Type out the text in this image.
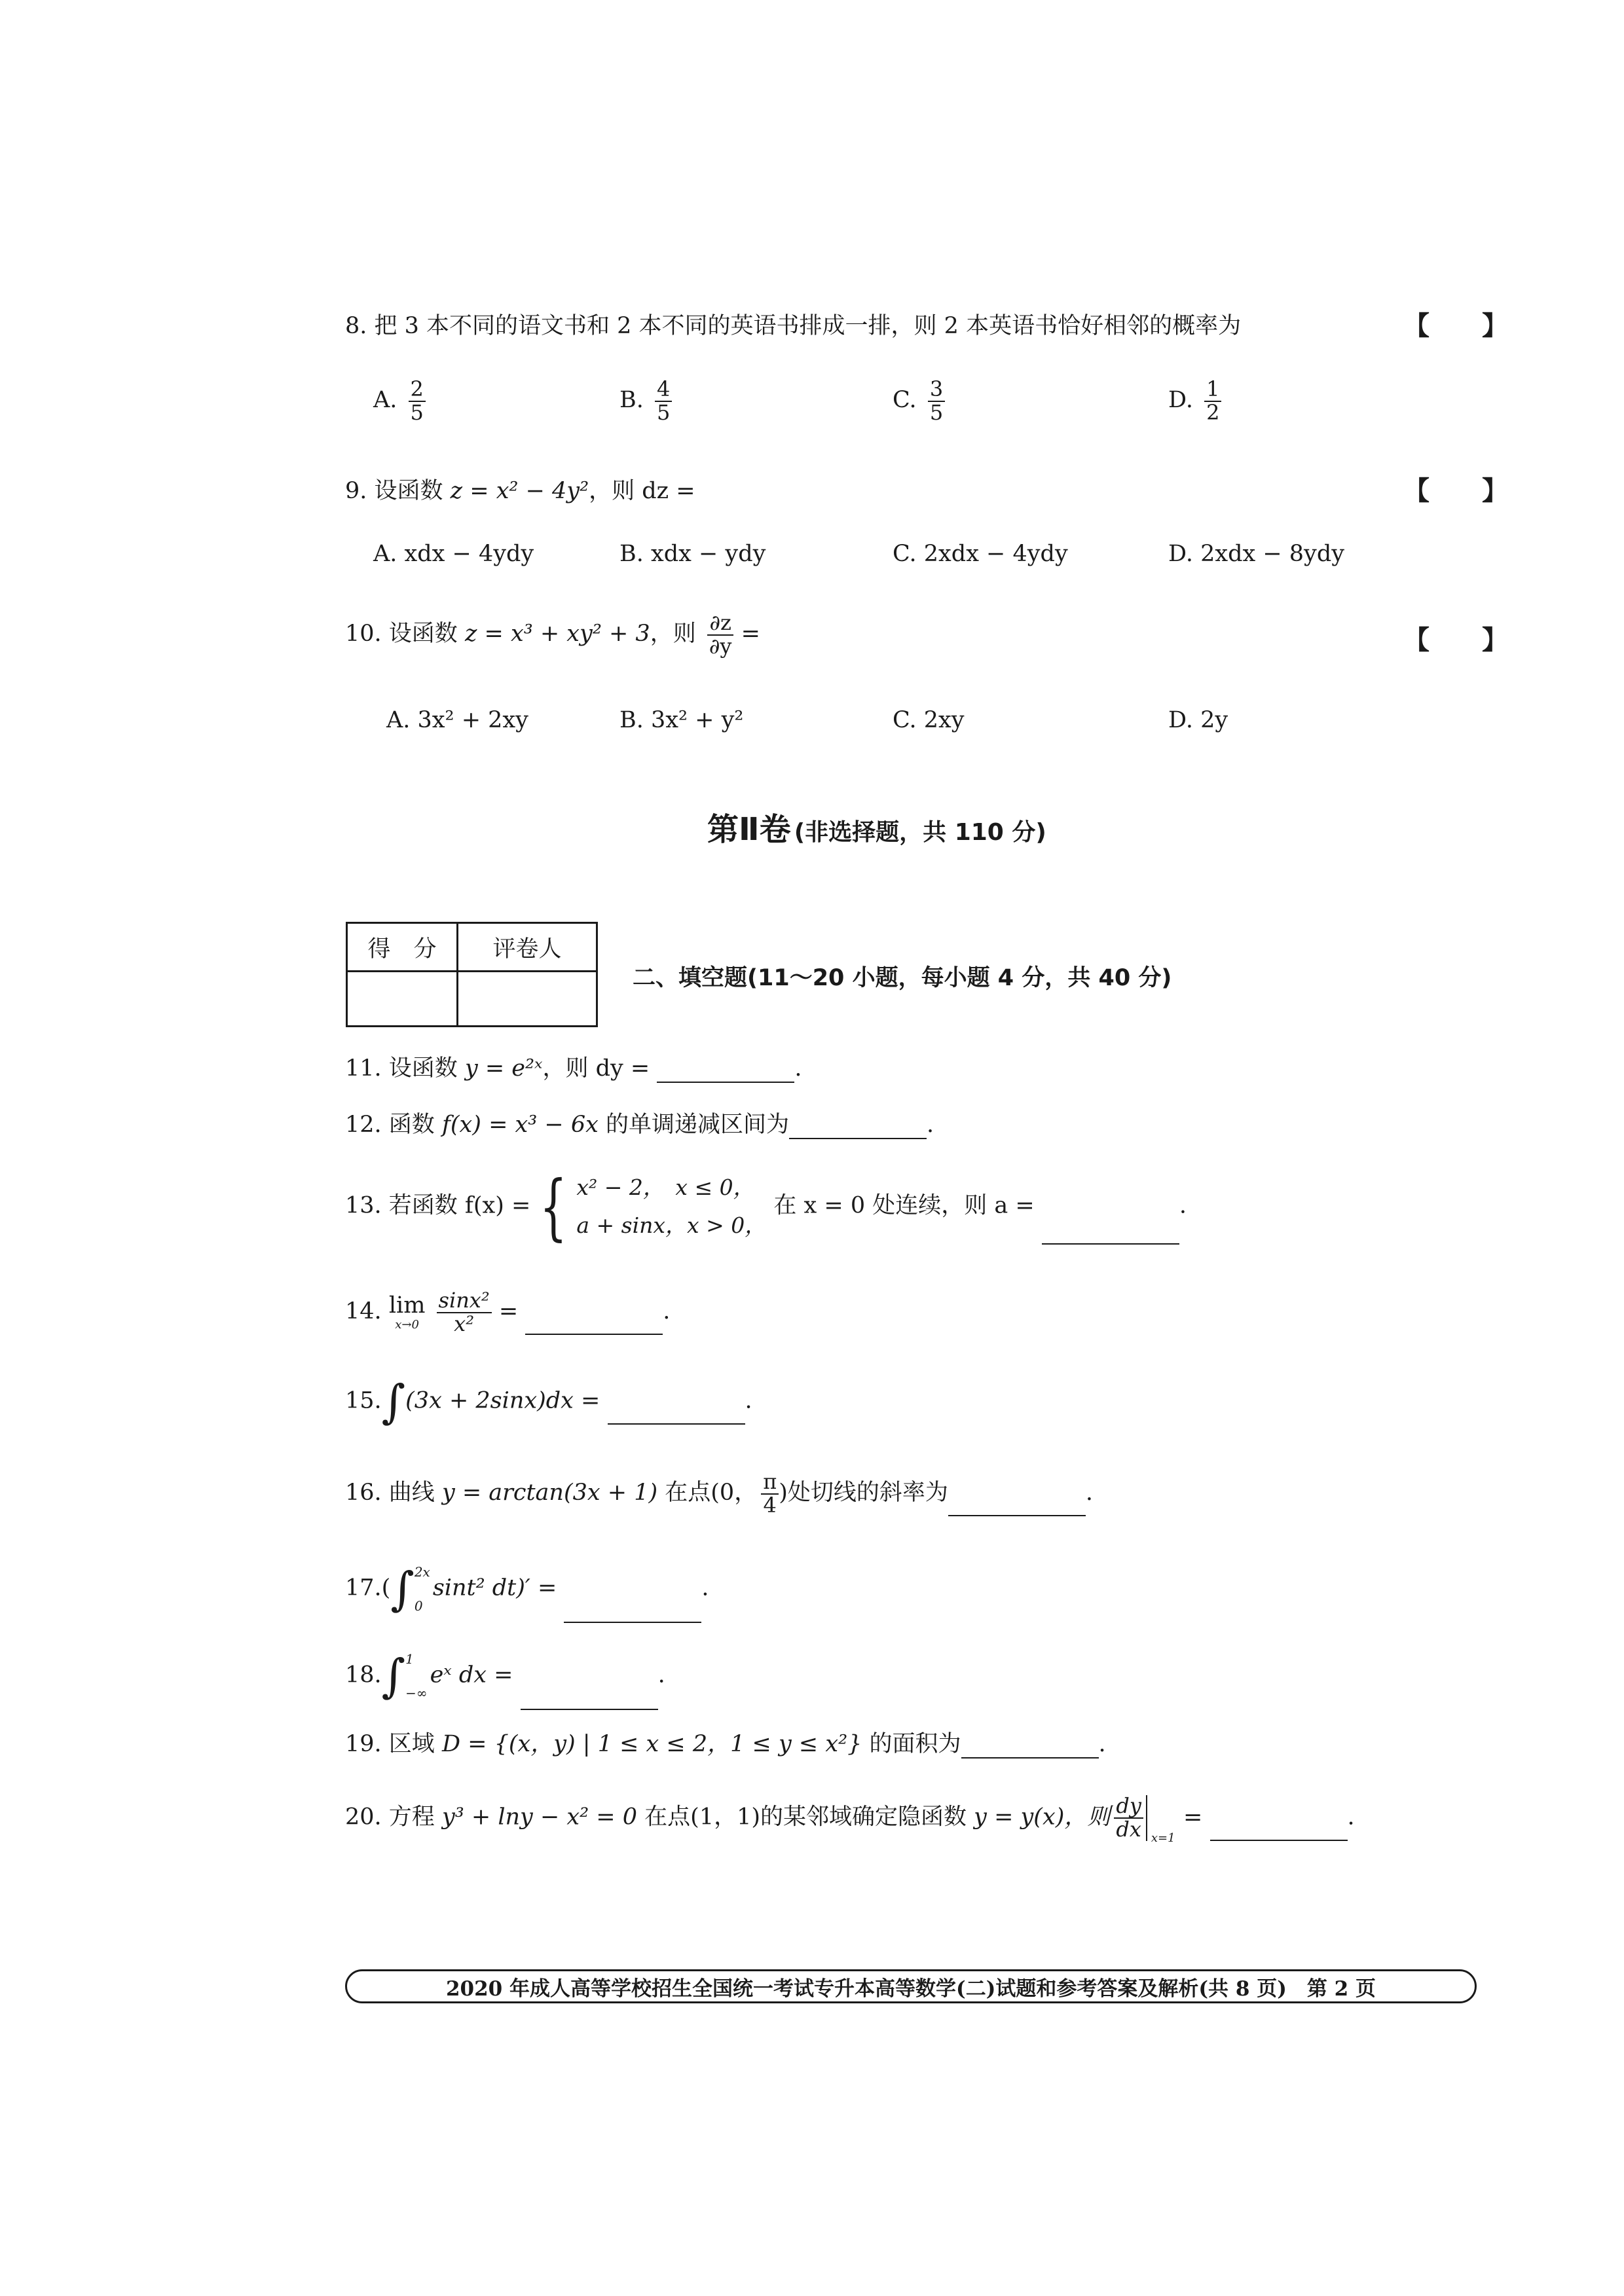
8. 把 3 本不同的语文书和 2 本不同的英语书排成一排，则 2 本英语书恰好相邻的概率为	【　　】
A. $\frac{2}{5}$	B. $\frac{4}{5}$	C. $\frac{3}{5}$	D. $\frac{1}{2}$
9. 设函数 z = x² − 4y²，则 dz =	【　　】
A. xdx − 4ydy	B. xdx − ydy	C. 2xdx − 4ydy	D. 2xdx − 8ydy
10. 设函数 z = x³ + xy² + 3，则 $\frac{\partial z}{\partial y}$ =	【　　】
A. 3x² + 2xy	B. 3x² + y²	C. 2xy	D. 2y
第Ⅱ卷 (非选择题，共 110 分)
得　分	评卷人

二、填空题(11～20 小题，每小题 4 分，共 40 分)
11. 设函数 y = e²ˣ，则 dy =	.
12. 函数 f(x) = x³ − 6x 的单调递减区间为	.
13. 若函数 f(x) = { x² − 2，　x ≤ 0，
a + sinx，x > 0，
在 x = 0 处连续，则 a =	.
14. lim
x→0
$\frac{\text{sinx²}}{\text{x²}}$ =	.
15.∫(3x + 2sinx)dx =	.
16. 曲线 y = arctan(3x + 1) 在点(0， $\frac{\pi}{4}$ )处切线的斜率为	.
17.(∫ 2x
0
sint² dt)′ =	.
18.∫ 1
−∞
eˣ dx =	.
19. 区域 D = {(x，y) | 1 ≤ x ≤ 2，1 ≤ y ≤ x²} 的面积为	.
20. 方程 y³ + lny − x² = 0 在点(1，1)的某邻域确定隐函数 y = y(x)，则 $\frac{dy}{dx} x=1$
=	.
2020 年成人高等学校招生全国统一考试专升本高等数学(二)试题和参考答案及解析(共 8 页)　第 2 页
